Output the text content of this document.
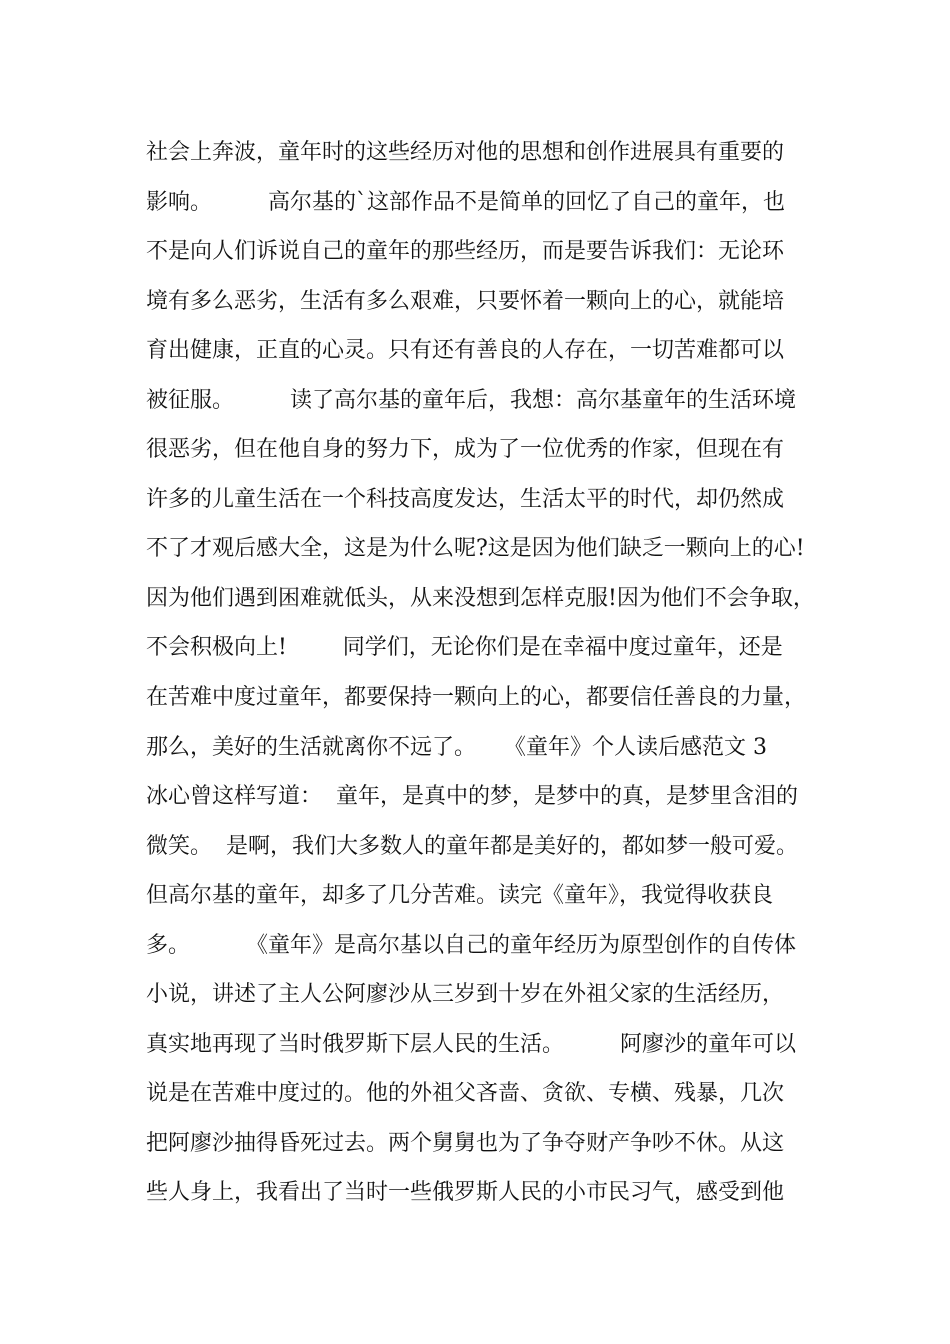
社会上奔波，童年时的这些经历对他的思想和创作进展具有重要的
影响。        高尔基的`这部作品不是简单的回忆了自己的童年，也
不是向人们诉说自己的童年的那些经历，而是要告诉我们：无论环
境有多么恶劣，生活有多么艰难，只要怀着一颗向上的心，就能培
育出健康，正直的心灵。只有还有善良的人存在，一切苦难都可以
被征服。        读了高尔基的童年后，我想：高尔基童年的生活环境
很恶劣，但在他自身的努力下，成为了一位优秀的作家，但现在有
许多的儿童生活在一个科技高度发达，生活太平的时代，却仍然成
不了才观后感大全，这是为什么呢?这是因为他们缺乏一颗向上的心!
因为他们遇到困难就低头，从来没想到怎样克服!因为他们不会争取，
不会积极向上!        同学们，无论你们是在幸福中度过童年，还是
在苦难中度过童年，都要保持一颗向上的心，都要信任善良的力量，
那么，美好的生活就离你不远了。    《童年》个人读后感范文 3
冰心曾这样写道：  童年，是真中的梦，是梦中的真，是梦里含泪的
微笑。  是啊，我们大多数人的童年都是美好的，都如梦一般可爱。
但高尔基的童年，却多了几分苦难。读完《童年》，我觉得收获良
多。        《童年》是高尔基以自己的童年经历为原型创作的自传体
小说，讲述了主人公阿廖沙从三岁到十岁在外祖父家的生活经历，
真实地再现了当时俄罗斯下层人民的生活。        阿廖沙的童年可以
说是在苦难中度过的。他的外祖父吝啬、贪欲、专横、残暴，几次
把阿廖沙抽得昏死过去。两个舅舅也为了争夺财产争吵不休。从这
些人身上，我看出了当时一些俄罗斯人民的小市民习气，感受到他
